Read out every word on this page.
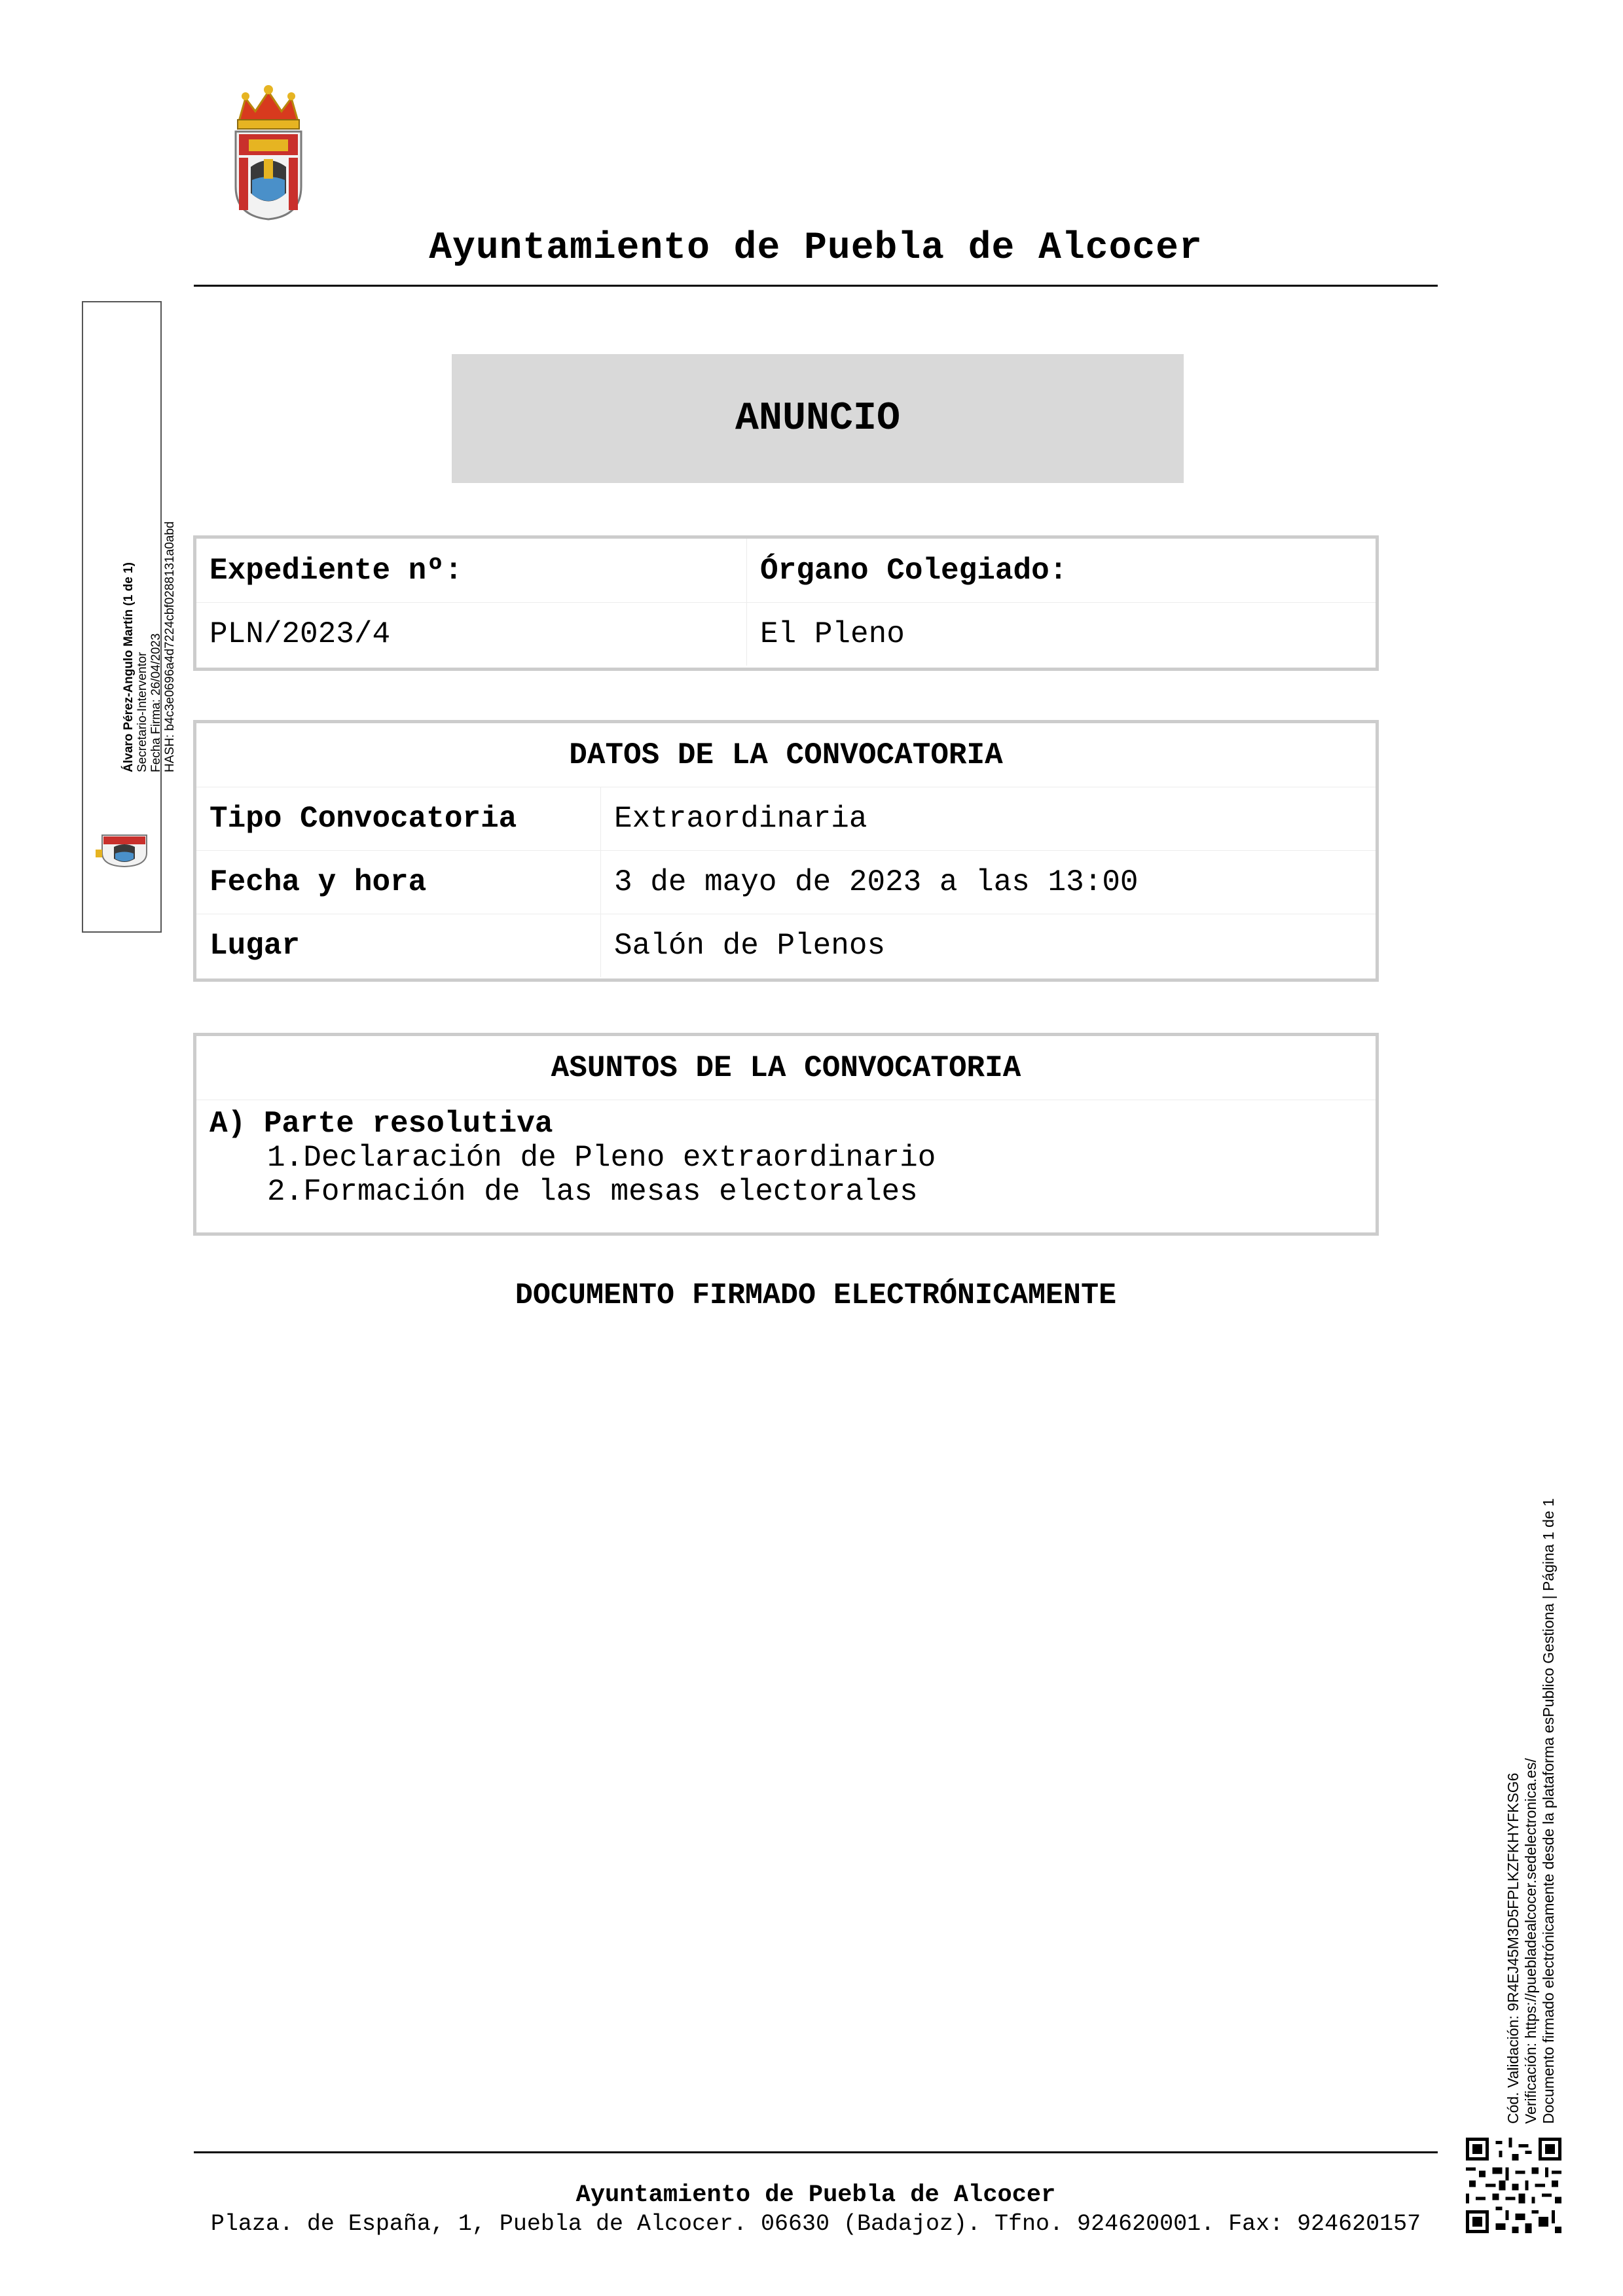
Ayuntamiento de Puebla de Alcocer
Álvaro Pérez-Angulo Martín (1 de 1) Secretario-Interventor Fecha Firma: 26/04/2023 HASH: b4c3e0696a4d7224cbf0288131a0abd
ANUNCIO
Expediente nº:	Órgano Colegiado:
PLN/2023/4	El Pleno
DATOS DE LA CONVOCATORIA
Tipo Convocatoria	Extraordinaria
Fecha y hora	3 de mayo de 2023 a las 13:00
Lugar	Salón de Plenos
ASUNTOS DE LA CONVOCATORIA
A) Parte resolutiva
1.Declaración de Pleno extraordinario
2.Formación de las mesas electorales
DOCUMENTO FIRMADO ELECTRÓNICAMENTE
Cód. Validación: 9R4EJ45M3D5FPLKZFKHYFKSG6 Verificación: https://puebladealcocer.sedelectronica.es/ Documento firmado electrónicamente desde la plataforma esPublico Gestiona | Página 1 de 1
Ayuntamiento de Puebla de Alcocer
Plaza. de España, 1, Puebla de Alcocer. 06630 (Badajoz). Tfno. 924620001. Fax: 924620157
